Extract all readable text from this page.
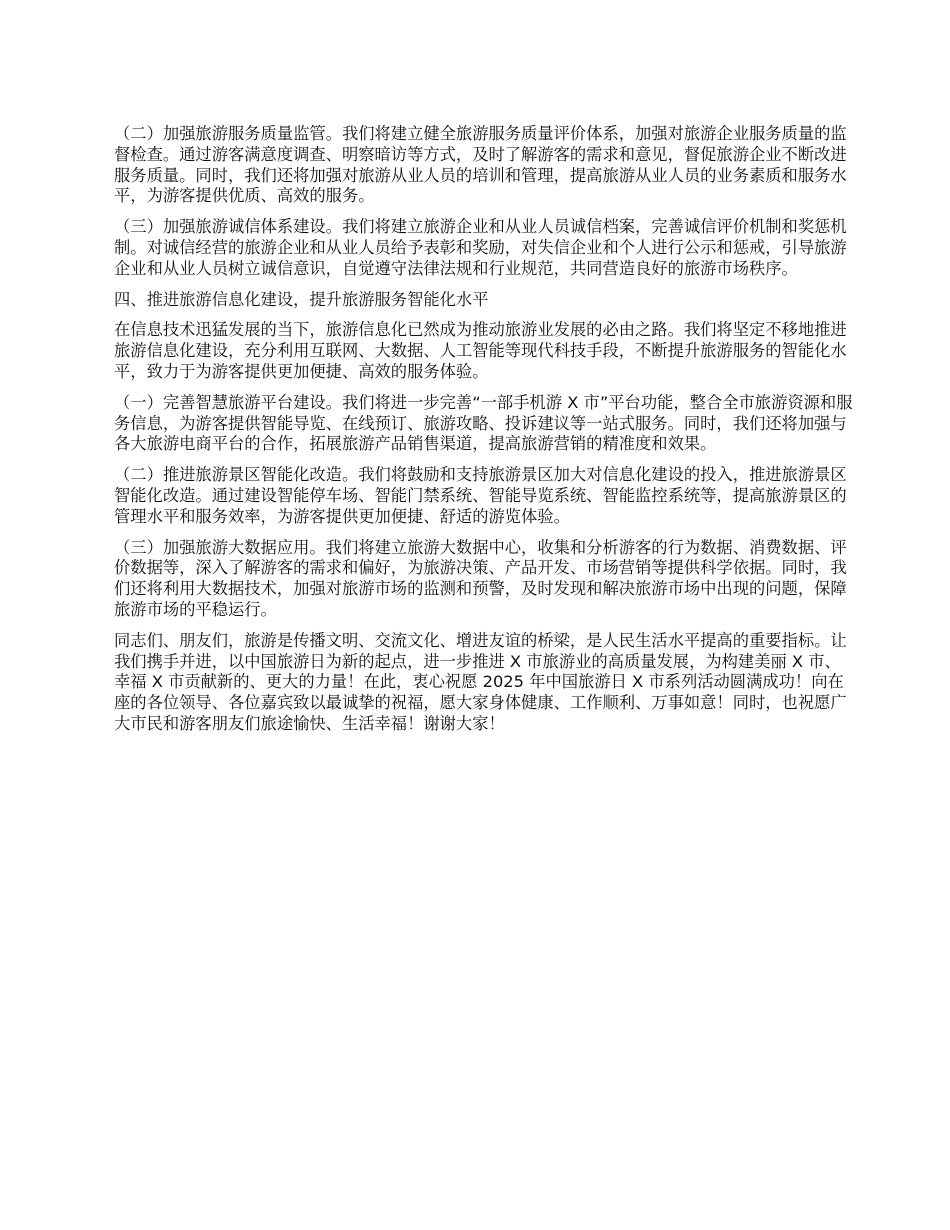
（二）加强旅游服务质量监管。我们将建立健全旅游服务质量评价体系，加强对旅游企业服务质量的监督检查。通过游客满意度调查、明察暗访等方式，及时了解游客的需求和意见，督促旅游企业不断改进服务质量。同时，我们还将加强对旅游从业人员的培训和管理，提高旅游从业人员的业务素质和服务水平，为游客提供优质、高效的服务。

（三）加强旅游诚信体系建设。我们将建立旅游企业和从业人员诚信档案，完善诚信评价机制和奖惩机制。对诚信经营的旅游企业和从业人员给予表彰和奖励，对失信企业和个人进行公示和惩戒，引导旅游企业和从业人员树立诚信意识，自觉遵守法律法规和行业规范，共同营造良好的旅游市场秩序。

四、推进旅游信息化建设，提升旅游服务智能化水平

在信息技术迅猛发展的当下，旅游信息化已然成为推动旅游业发展的必由之路。我们将坚定不移地推进旅游信息化建设，充分利用互联网、大数据、人工智能等现代科技手段，不断提升旅游服务的智能化水平，致力于为游客提供更加便捷、高效的服务体验。

（一）完善智慧旅游平台建设。我们将进一步完善“一部手机游 X 市”平台功能，整合全市旅游资源和服务信息，为游客提供智能导览、在线预订、旅游攻略、投诉建议等一站式服务。同时，我们还将加强与各大旅游电商平台的合作，拓展旅游产品销售渠道，提高旅游营销的精准度和效果。

（二）推进旅游景区智能化改造。我们将鼓励和支持旅游景区加大对信息化建设的投入，推进旅游景区智能化改造。通过建设智能停车场、智能门禁系统、智能导览系统、智能监控系统等，提高旅游景区的管理水平和服务效率，为游客提供更加便捷、舒适的游览体验。

（三）加强旅游大数据应用。我们将建立旅游大数据中心，收集和分析游客的行为数据、消费数据、评价数据等，深入了解游客的需求和偏好，为旅游决策、产品开发、市场营销等提供科学依据。同时，我们还将利用大数据技术，加强对旅游市场的监测和预警，及时发现和解决旅游市场中出现的问题，保障旅游市场的平稳运行。

同志们、朋友们，旅游是传播文明、交流文化、增进友谊的桥梁，是人民生活水平提高的重要指标。让我们携手并进，以中国旅游日为新的起点，进一步推进 X 市旅游业的高质量发展，为构建美丽 X 市、幸福 X 市贡献新的、更大的力量！在此，衷心祝愿 2025 年中国旅游日 X 市系列活动圆满成功！向在座的各位领导、各位嘉宾致以最诚挚的祝福，愿大家身体健康、工作顺利、万事如意！同时，也祝愿广大市民和游客朋友们旅途愉快、生活幸福！谢谢大家！
